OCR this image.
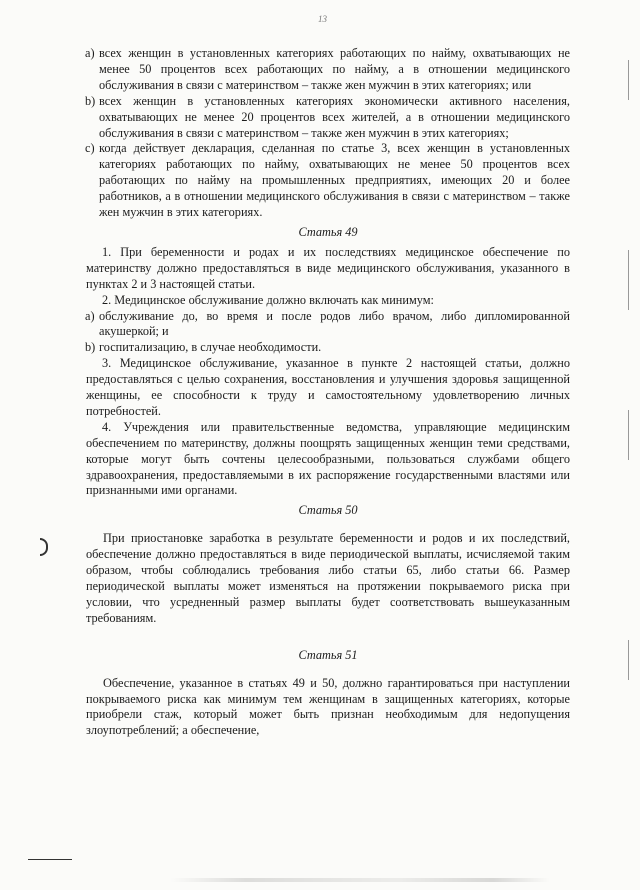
13
a) всех женщин в установленных категориях работающих по найму, охватывающих не менее 50 процентов всех работающих по найму, а в отношении медицинского обслуживания в связи с материнством – также жен мужчин в этих категориях; или
b) всех женщин в установленных категориях экономически активного населения, охватывающих не менее 20 процентов всех жителей, а в отношении медицинского обслуживания в связи с материнством – также жен мужчин в этих категориях;
c) когда действует декларация, сделанная по статье 3, всех женщин в установленных категориях работающих по найму, охватывающих не менее 50 процентов всех работающих по найму на промышленных предприятиях, имеющих 20 и более работников, а в отношении медицинского обслуживания в связи с материнством – также жен мужчин в этих категориях.
Статья 49
1. При беременности и родах и их последствиях медицинское обеспечение по материнству должно предоставляться в виде медицинского обслуживания, указанного в пунктах 2 и 3 настоящей статьи.
2. Медицинское обслуживание должно включать как минимум:
a) обслуживание до, во время и после родов либо врачом, либо дипломированной акушеркой; и
b) госпитализацию, в случае необходимости.
3. Медицинское обслуживание, указанное в пункте 2 настоящей статьи, должно предоставляться с целью сохранения, восстановления и улучшения здоровья защищенной женщины, ее способности к труду и самостоятельному удовлетворению личных потребностей.
4. Учреждения или правительственные ведомства, управляющие медицинским обеспечением по материнству, должны поощрять защищенных женщин теми средствами, которые могут быть сочтены целесообразными, пользоваться службами общего здравоохранения, предоставляемыми в их распоряжение государственными властями или признанными ими органами.
Статья 50
При приостановке заработка в результате беременности и родов и их последствий, обеспечение должно предоставляться в виде периодической выплаты, исчисляемой таким образом, чтобы соблюдались требования либо статьи 65, либо статьи 66. Размер периодической выплаты может изменяться на протяжении покрываемого риска при условии, что усредненный размер выплаты будет соответствовать вышеуказанным требованиям.
Статья 51
Обеспечение, указанное в статьях 49 и 50, должно гарантироваться при наступлении покрываемого риска как минимум тем женщинам в защищенных категориях, которые приобрели стаж, который может быть признан необходимым для недопущения злоупотреблений; а обеспечение,
